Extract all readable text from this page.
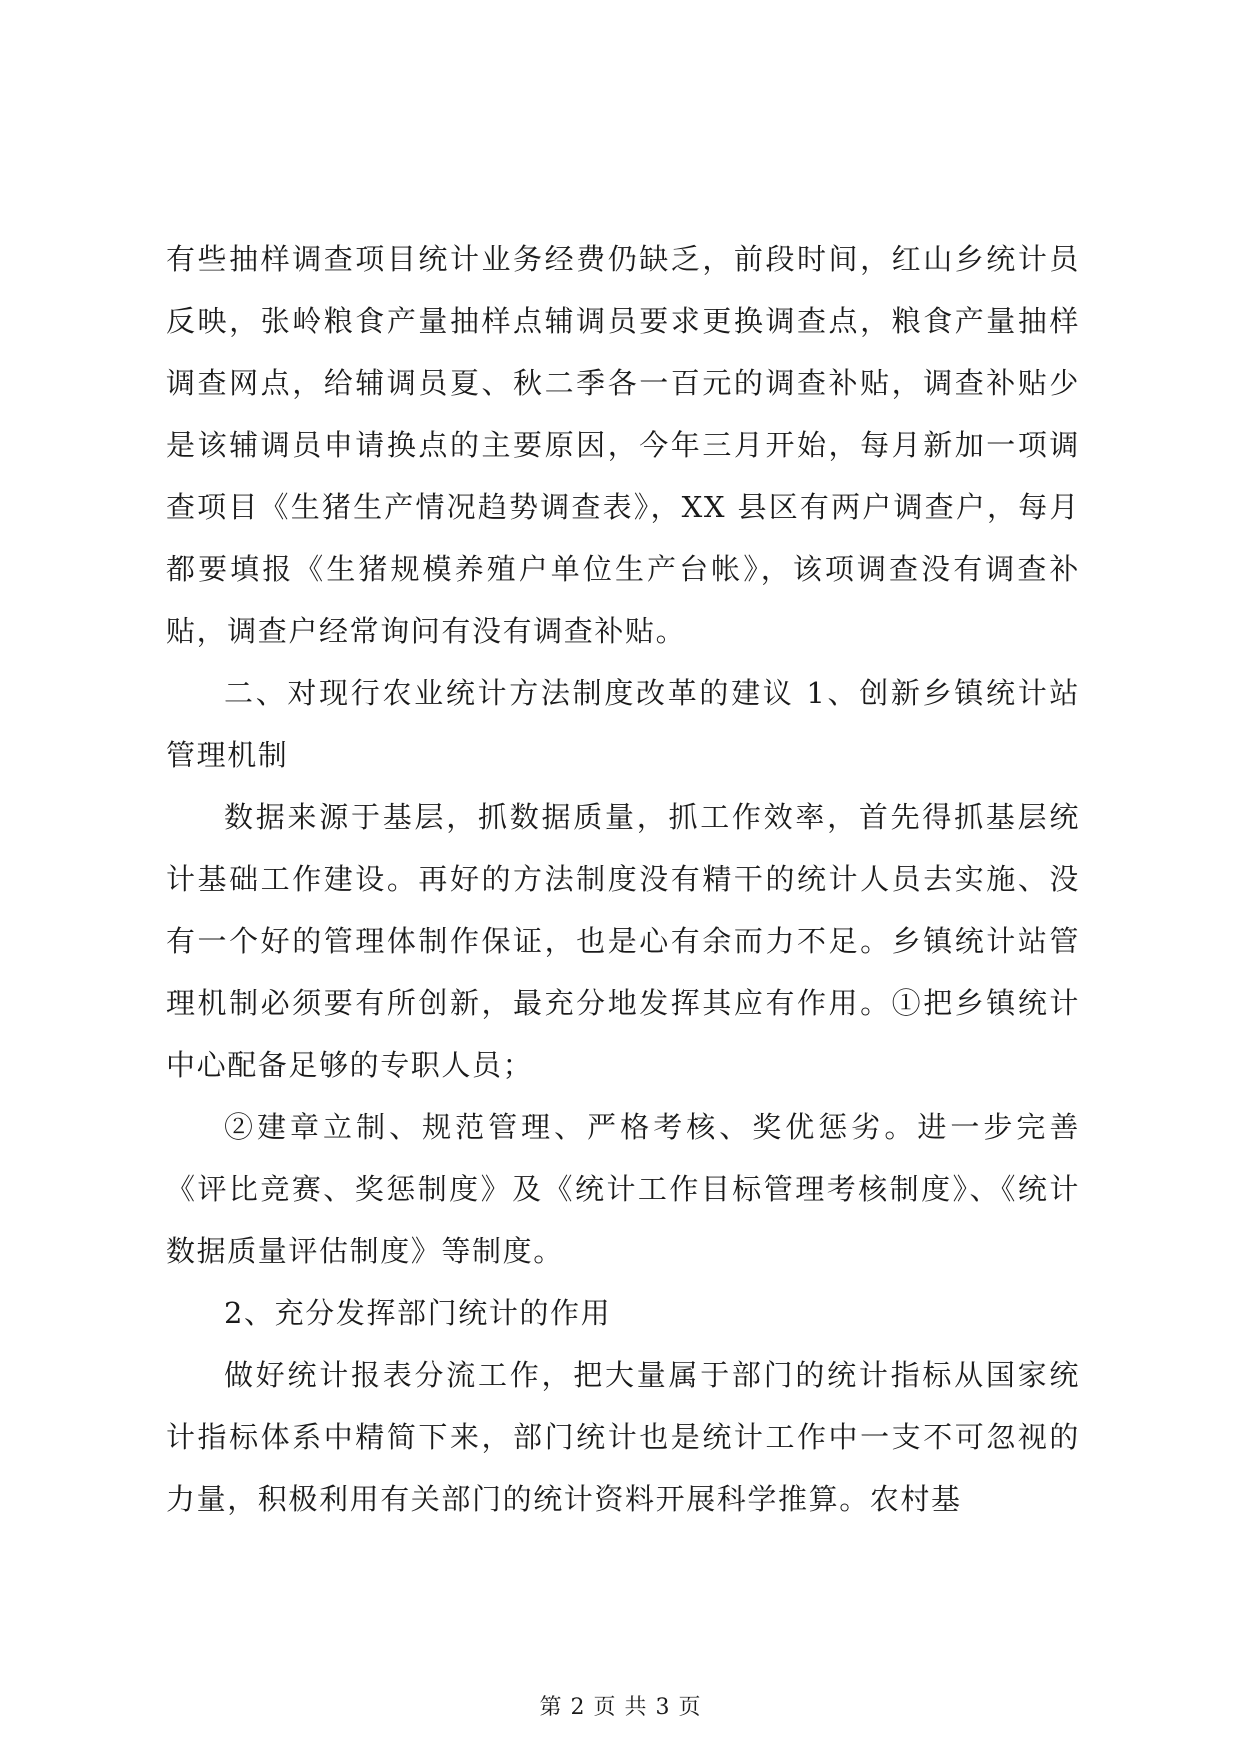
有些抽样调查项目统计业务经费仍缺乏，前段时间，红山乡统计员反映，张岭粮食产量抽样点辅调员要求更换调查点，粮食产量抽样调查网点，给辅调员夏、秋二季各一百元的调查补贴，调查补贴少是该辅调员申请换点的主要原因，今年三月开始，每月新加一项调查项目《生猪生产情况趋势调查表》，XX 县区有两户调查户，每月都要填报《生猪规模养殖户单位生产台帐》，该项调查没有调查补贴，调查户经常询问有没有调查补贴。

二、对现行农业统计方法制度改革的建议 1、创新乡镇统计站管理机制

数据来源于基层，抓数据质量，抓工作效率，首先得抓基层统计基础工作建设。再好的方法制度没有精干的统计人员去实施、没有一个好的管理体制作保证，也是心有余而力不足。乡镇统计站管理机制必须要有所创新，最充分地发挥其应有作用。①把乡镇统计中心配备足够的专职人员；

②建章立制、规范管理、严格考核、奖优惩劣。进一步完善《评比竞赛、奖惩制度》及《统计工作目标管理考核制度》、《统计数据质量评估制度》等制度。

2、充分发挥部门统计的作用

做好统计报表分流工作，把大量属于部门的统计指标从国家统计指标体系中精简下来，部门统计也是统计工作中一支不可忽视的力量，积极利用有关部门的统计资料开展科学推算。农村基

第 2 页 共 3 页
